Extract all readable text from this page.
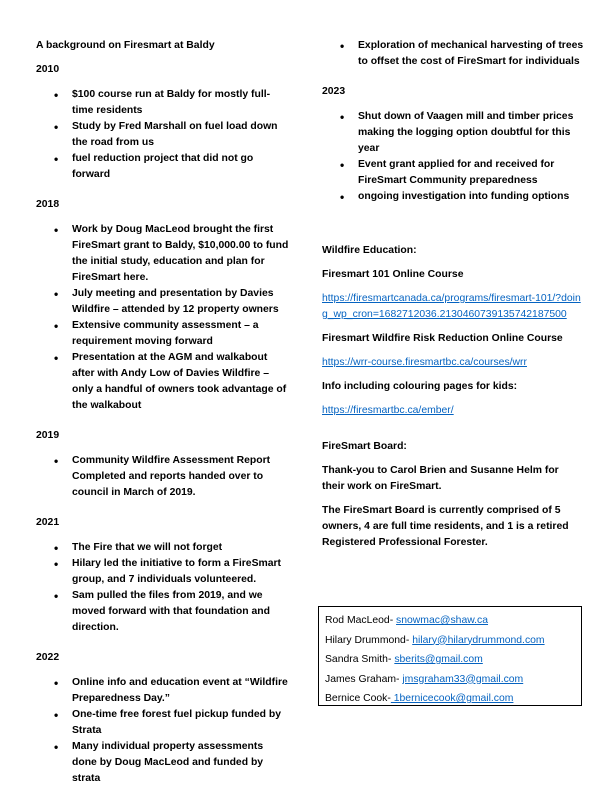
A background on Firesmart at Baldy

2010

• $100 course run at Baldy for mostly full-time residents
• Study by Fred Marshall on fuel load down the road from us
• fuel reduction project that did not go forward

2018

• Work by Doug MacLeod brought the first FireSmart grant to Baldy, $10,000.00 to fund the initial study, education and plan for FireSmart here.
• July meeting and presentation by Davies Wildfire – attended by 12 property owners
• Extensive community assessment – a requirement moving forward
• Presentation at the AGM and walkabout after with Andy Low of Davies Wildfire – only a handful of owners took advantage of the walkabout

2019

• Community Wildfire Assessment Report Completed and reports handed over to council in March of 2019.

2021

• The Fire that we will not forget
• Hilary led the initiative to form a FireSmart group, and 7 individuals volunteered.
• Sam pulled the files from 2019, and we moved forward with that foundation and direction.

2022

• Online info and education event at “Wildfire Preparedness Day.”
• One-time free forest fuel pickup funded by Strata
• Many individual property assessments done by Doug MacLeod and funded by strata
• Exploration of mechanical harvesting of trees to offset the cost of FireSmart for individuals

2023

• Shut down of Vaagen mill and timber prices making the logging option doubtful for this year
• Event grant applied for and received for FireSmart Community preparedness
• ongoing investigation into funding options

Wildfire Education:

Firesmart 101 Online Course

https://firesmartcanada.ca/programs/firesmart-101/?doing_wp_cron=1682712036.2130460739135742187500

Firesmart Wildfire Risk Reduction Online Course

https://wrr-course.firesmartbc.ca/courses/wrr

Info including colouring pages for kids:

https://firesmartbc.ca/ember/

FireSmart Board:

Thank-you to Carol Brien and Susanne Helm for their work on FireSmart.

The FireSmart Board is currently comprised of 5 owners, 4 are full time residents, and 1 is a retired Registered Professional Forester.

Rod MacLeod- snowmac@shaw.ca
Hilary Drummond- hilary@hilarydrummond.com
Sandra Smith- sberits@gmail.com
James Graham- jmsgraham33@gmail.com
Bernice Cook- 1bernicecook@gmail.com
